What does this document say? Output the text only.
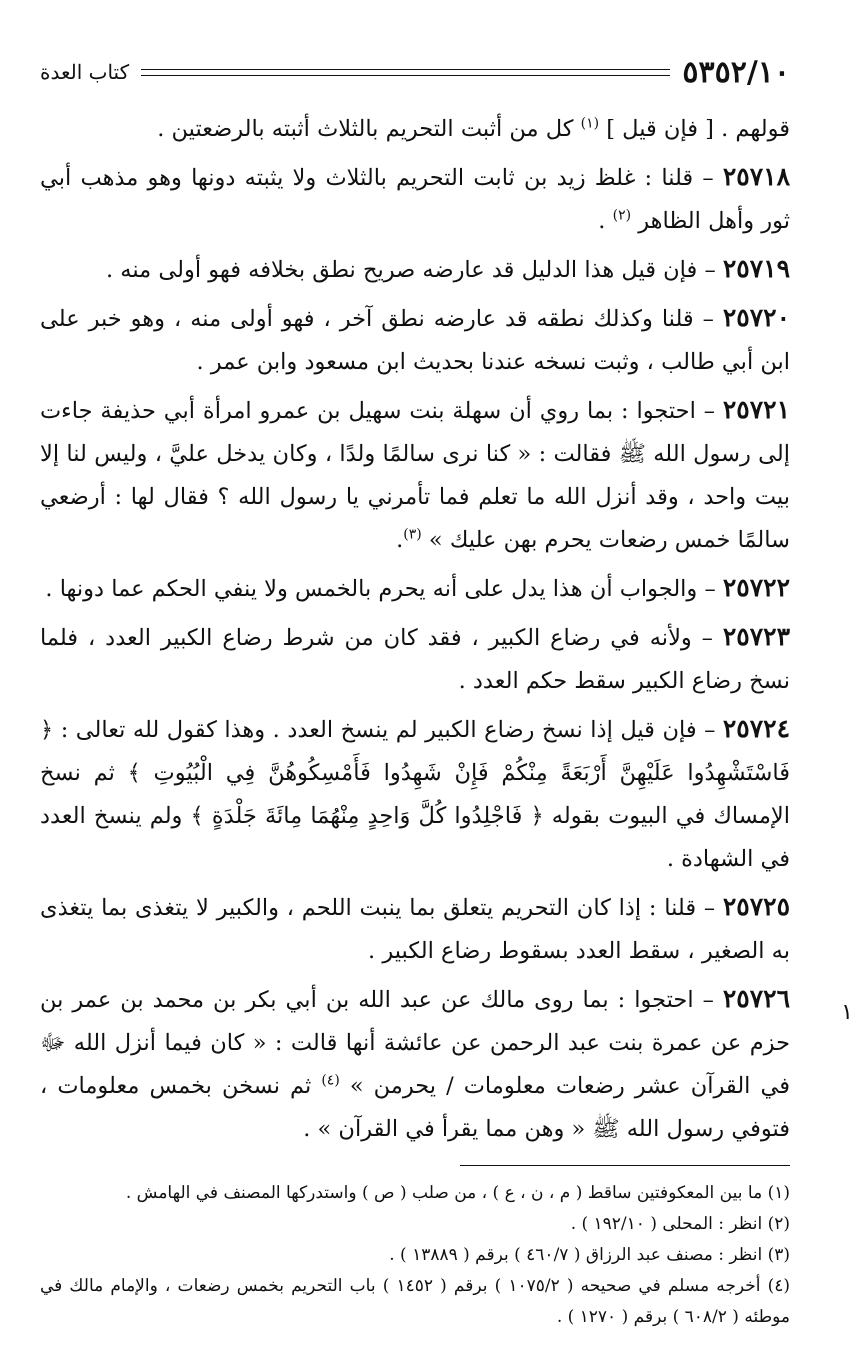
٥٣٥٢/١٠
كتاب العدة

قولهم . [ فإن قيل ] $^{(١)}$ كل من أثبت التحريم بالثلاث أثبته بالرضعتين .

٢٥٧١٨ – قلنا : غلظ زيد بن ثابت التحريم بالثلاث ولا يثبته دونها وهو مذهب أبي ثور وأهل الظاهر $^{(٢)}$ .

٢٥٧١٩ – فإن قيل هذا الدليل قد عارضه صريح نطق بخلافه فهو أولى منه .

٢٥٧٢٠ – قلنا وكذلك نطقه قد عارضه نطق آخر ، فهو أولى منه ، وهو خبر على ابن أبي طالب ، وثبت نسخه عندنا بحديث ابن مسعود وابن عمر .

٢٥٧٢١ – احتجوا : بما روي أن سهلة بنت سهيل بن عمرو امرأة أبي حذيفة جاءت إلى رسول الله ﷺ فقالت : « كنا نرى سالمًا ولدًا ، وكان يدخل عليَّ ، وليس لنا إلا بيت واحد ، وقد أنزل الله ما تعلم فما تأمرني يا رسول الله ؟ فقال لها : أرضعي سالمًا خمس رضعات يحرم بهن عليك » $^{(٣)}$.

٢٥٧٢٢ – والجواب أن هذا يدل على أنه يحرم بالخمس ولا ينفي الحكم عما دونها .

٢٥٧٢٣ – ولأنه في رضاع الكبير ، فقد كان من شرط رضاع الكبير العدد ، فلما نسخ رضاع الكبير سقط حكم العدد .

٢٥٧٢٤ – فإن قيل إذا نسخ رضاع الكبير لم ينسخ العدد . وهذا كقول لله تعالى : ﴿ فَاسْتَشْهِدُوا عَلَيْهِنَّ أَرْبَعَةً مِنْكُمْ فَإِنْ شَهِدُوا فَأَمْسِكُوهُنَّ فِي الْبُيُوتِ ﴾ ثم نسخ الإمساك في البيوت بقوله ﴿ فَاجْلِدُوا كُلَّ وَاحِدٍ مِنْهُمَا مِائَةَ جَلْدَةٍ ﴾ ولم ينسخ العدد في الشهادة .

٢٥٧٢٥ – قلنا : إذا كان التحريم يتعلق بما ينبت اللحم ، والكبير لا يتغذى بما يتغذى به الصغير ، سقط العدد بسقوط رضاع الكبير .

٢٥٧٢٦ – احتجوا : بما روى مالك عن عبد الله بن أبي بكر بن محمد بن عمر بن حزم عن عمرة بنت عبد الرحمن عن عائشة أنها قالت : « كان فيما أنزل الله ﷻ في القرآن عشر رضعات معلومات / يحرمن » $^{(٤)}$ ثم نسخن بخمس معلومات ، فتوفي رسول الله ﷺ « وهن مما يقرأ في القرآن » .

(١) ما بين المعكوفتين ساقط ( م ، ن ، ع ) ، من صلب ( ص ) واستدركها المصنف في الهامش .

(٢) انظر : المحلى ( ١٩٢/١٠ ) .

(٣) انظر : مصنف عبد الرزاق ( ٤٦٠/٧ ) برقم ( ١٣٨٨٩ ) .

(٤) أخرجه مسلم في صحيحه ( ١٠٧٥/٢ ) برقم ( ١٤٥٢ ) باب التحريم بخمس رضعات ، والإمام مالك في موطئه ( ٦٠٨/٢ ) برقم ( ١٢٧٠ ) .

١
